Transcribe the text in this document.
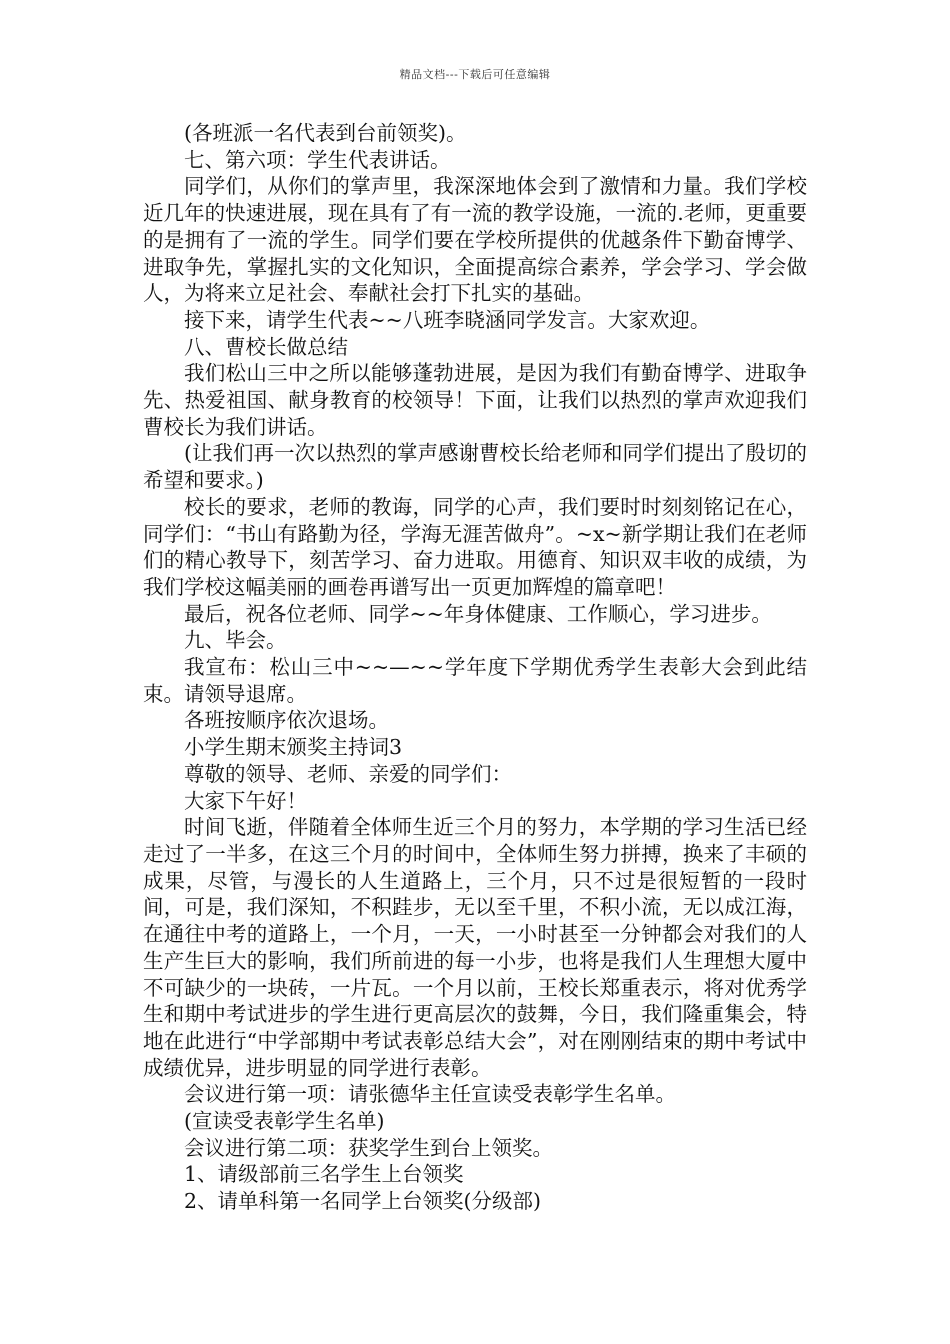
精品文档---下载后可任意编辑

(各班派一名代表到台前领奖)。

七、第六项：学生代表讲话。

同学们，从你们的掌声里，我深深地体会到了激情和力量。我们学校近几年的快速进展，现在具有了有一流的教学设施，一流的.老师，更重要的是拥有了一流的学生。同学们要在学校所提供的优越条件下勤奋博学、进取争先，掌握扎实的文化知识，全面提高综合素养，学会学习、学会做人，为将来立足社会、奉献社会打下扎实的基础。

接下来，请学生代表~~八班李晓涵同学发言。大家欢迎。

八、曹校长做总结

我们松山三中之所以能够蓬勃进展，是因为我们有勤奋博学、进取争先、热爱祖国、献身教育的校领导！下面，让我们以热烈的掌声欢迎我们曹校长为我们讲话。

(让我们再一次以热烈的掌声感谢曹校长给老师和同学们提出了殷切的希望和要求。)

校长的要求，老师的教诲，同学的心声，我们要时时刻刻铭记在心，同学们：“书山有路勤为径，学海无涯苦做舟”。~x~新学期让我们在老师们的精心教导下，刻苦学习、奋力进取。用德育、知识双丰收的成绩，为我们学校这幅美丽的画卷再谱写出一页更加辉煌的篇章吧！

最后，祝各位老师、同学~~年身体健康、工作顺心，学习进步。

九、毕会。

我宣布：松山三中~~—~~学年度下学期优秀学生表彰大会到此结束。请领导退席。

各班按顺序依次退场。

小学生期末颁奖主持词3

尊敬的领导、老师、亲爱的同学们：

大家下午好！

时间飞逝，伴随着全体师生近三个月的努力，本学期的学习生活已经走过了一半多，在这三个月的时间中，全体师生努力拼搏，换来了丰硕的成果，尽管，与漫长的人生道路上，三个月，只不过是很短暂的一段时间，可是，我们深知，不积跬步，无以至千里，不积小流，无以成江海，在通往中考的道路上，一个月，一天，一小时甚至一分钟都会对我们的人生产生巨大的影响，我们所前进的每一小步，也将是我们人生理想大厦中不可缺少的一块砖，一片瓦。一个月以前，王校长郑重表示，将对优秀学生和期中考试进步的学生进行更高层次的鼓舞，今日，我们隆重集会，特地在此进行“中学部期中考试表彰总结大会”，对在刚刚结束的期中考试中成绩优异，进步明显的同学进行表彰。

会议进行第一项：请张德华主任宣读受表彰学生名单。

(宣读受表彰学生名单)

会议进行第二项：获奖学生到台上领奖。

1、请级部前三名学生上台领奖

2、请单科第一名同学上台领奖(分级部)
